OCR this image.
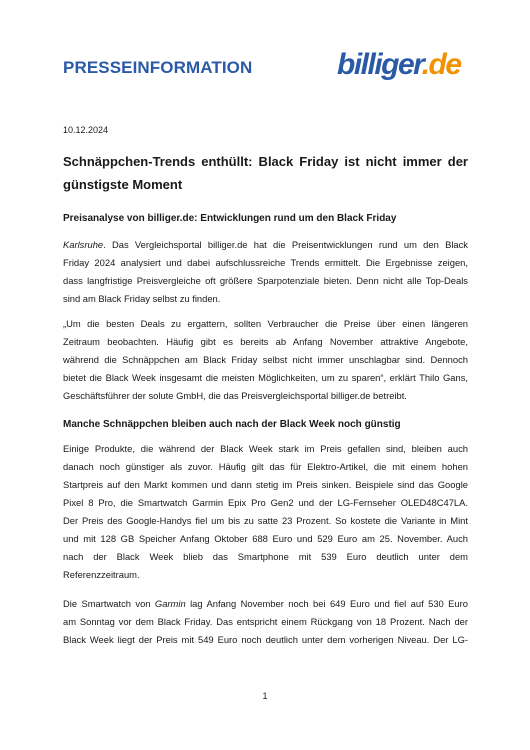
PRESSEINFORMATION	billiger.de
10.12.2024
Schnäppchen-Trends enthüllt: Black Friday ist nicht immer der günstigste Moment
Preisanalyse von billiger.de: Entwicklungen rund um den Black Friday
Karlsruhe. Das Vergleichsportal billiger.de hat die Preisentwicklungen rund um den Black
Friday 2024 analysiert und dabei aufschlussreiche Trends ermittelt. Die Ergebnisse zeigen,
dass langfristige Preisvergleiche oft größere Sparpotenziale bieten. Denn nicht alle Top-Deals
sind am Black Friday selbst zu finden.
„Um die besten Deals zu ergattern, sollten Verbraucher die Preise über einen längeren
Zeitraum beobachten. Häufig gibt es bereits ab Anfang November attraktive Angebote,
während die Schnäppchen am Black Friday selbst nicht immer unschlagbar sind. Dennoch
bietet die Black Week insgesamt die meisten Möglichkeiten, um zu sparen“, erklärt Thilo Gans,
Geschäftsführer der solute GmbH, die das Preisvergleichsportal billiger.de betreibt.
Manche Schnäppchen bleiben auch nach der Black Week noch günstig
Einige Produkte, die während der Black Week stark im Preis gefallen sind, bleiben auch
danach noch günstiger als zuvor. Häufig gilt das für Elektro-Artikel, die mit einem hohen
Startpreis auf den Markt kommen und dann stetig im Preis sinken. Beispiele sind das Google
Pixel 8 Pro, die Smartwatch Garmin Epix Pro Gen2 und der LG-Fernseher OLED48C47LA.
Der Preis des Google-Handys fiel um bis zu satte 23 Prozent. So kostete die Variante in Mint
und mit 128 GB Speicher Anfang Oktober 688 Euro und 529 Euro am 25. November. Auch
nach der Black Week blieb das Smartphone mit 539 Euro deutlich unter dem
Referenzzeitraum.
Die Smartwatch von Garmin lag Anfang November noch bei 649 Euro und fiel auf 530 Euro
am Sonntag vor dem Black Friday. Das entspricht einem Rückgang von 18 Prozent. Nach der
Black Week liegt der Preis mit 549 Euro noch deutlich unter dem vorherigen Niveau. Der LG-
1
